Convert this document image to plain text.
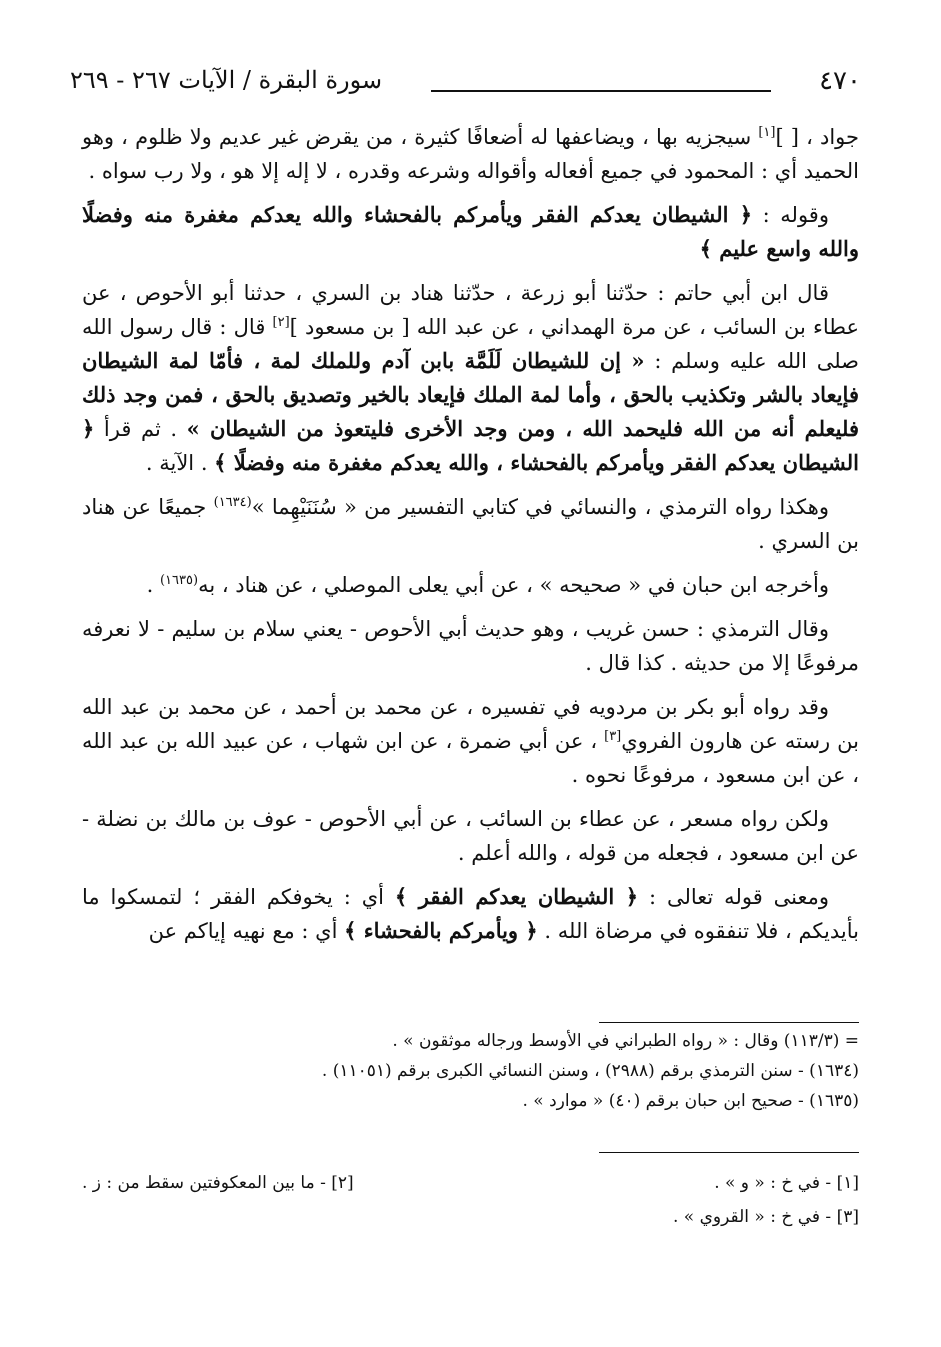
٤٧٠
سورة البقرة / الآيات ٢٦٧ - ٢٦٩

جواد ، [ ][١] سيجزيه بها ، ويضاعفها له أضعافًا كثيرة ، من يقرض غير عديم ولا ظلوم ، وهو الحميد أي : المحمود في جميع أفعاله وأقواله وشرعه وقدره ، لا إله إلا هو ، ولا رب سواه .

وقوله : ﴿ الشيطان يعدكم الفقر ويأمركم بالفحشاء والله يعدكم مغفرة منه وفضلًا والله واسع عليم ﴾

قال ابن أبي حاتم : حدّثنا أبو زرعة ، حدّثنا هناد بن السري ، حدثنا أبو الأحوص ، عن عطاء بن السائب ، عن مرة الهمداني ، عن عبد الله [ بن مسعود ][٢] قال : قال رسول الله صلى الله عليه وسلم : « إن للشيطان لَلَمَّة بابن آدم وللملك لمة ، فأمّا لمة الشيطان فإيعاد بالشر وتكذيب بالحق ، وأما لمة الملك فإيعاد بالخير وتصديق بالحق ، فمن وجد ذلك فليعلم أنه من الله فليحمد الله ، ومن وجد الأخرى فليتعوذ من الشيطان » . ثم قرأ ﴿ الشيطان يعدكم الفقر ويأمركم بالفحشاء ، والله يعدكم مغفرة منه وفضلًا ﴾ . الآية .

وهكذا رواه الترمذي ، والنسائي في كتابي التفسير من « سُنَنَيْهِما »$^{(١٦٣٤)}$ جميعًا عن هناد بن السري .

وأخرجه ابن حبان في « صحيحه » ، عن أبي يعلى الموصلي ، عن هناد ، به$^{(١٦٣٥)}$ .

وقال الترمذي : حسن غريب ، وهو حديث أبي الأحوص - يعني سلام بن سليم - لا نعرفه مرفوعًا إلا من حديثه . كذا قال .

وقد رواه أبو بكر بن مردويه في تفسيره ، عن محمد بن أحمد ، عن محمد بن عبد الله بن رسته عن هارون الفروي[٣] ، عن أبي ضمرة ، عن ابن شهاب ، عن عبيد الله بن عبد الله ، عن ابن مسعود ، مرفوعًا نحوه .

ولكن رواه مسعر ، عن عطاء بن السائب ، عن أبي الأحوص - عوف بن مالك بن نضلة - عن ابن مسعود ، فجعله من قوله ، والله أعلم .

ومعنى قوله تعالى : ﴿ الشيطان يعدكم الفقر ﴾ أي : يخوفكم الفقر ؛ لتمسكوا ما بأيديكم ، فلا تنفقوه في مرضاة الله . ﴿ ويأمركم بالفحشاء ﴾ أي : مع نهيه إياكم عن

= (١١٣/٣) وقال : « رواه الطبراني في الأوسط ورجاله موثقون » .
(١٦٣٤) - سنن الترمذي برقم (٢٩٨٨) ، وسنن النسائي الكبرى برقم (١١٠٥١) .
(١٦٣٥) - صحيح ابن حبان برقم (٤٠) « موارد » .
[١] - في خ : « و » .
[٢] - ما بين المعكوفتين سقط من : ز .
[٣] - في خ : « القروي » .
